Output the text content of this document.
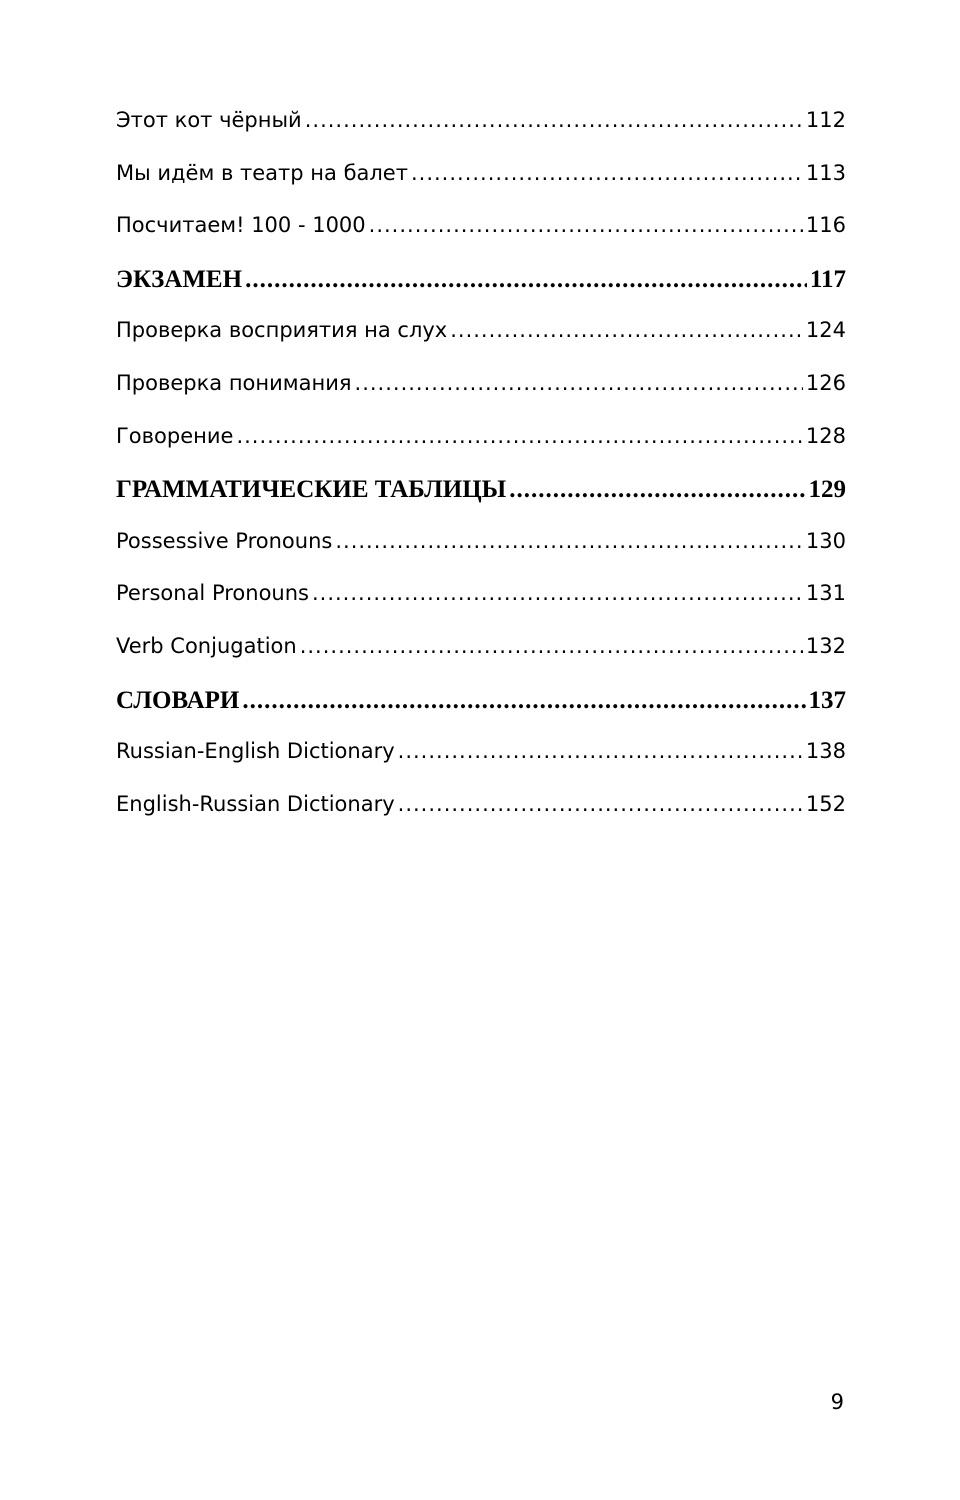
Этот кот чёрный .....	112
Мы идём в театр на балет .....	113
Посчитаем! 100 - 1000 .....	116
ЭКЗАМЕН .....	117
Проверка восприятия на слух .....	124
Проверка понимания .....	126
Говорение .....	128
ГРАММАТИЧЕСКИЕ ТАБЛИЦЫ .....	129
Possessive Pronouns .....	130
Personal Pronouns .....	131
Verb Conjugation .....	132
СЛОВАРИ .....	137
Russian-English Dictionary .....	138
English-Russian Dictionary .....	152
9
